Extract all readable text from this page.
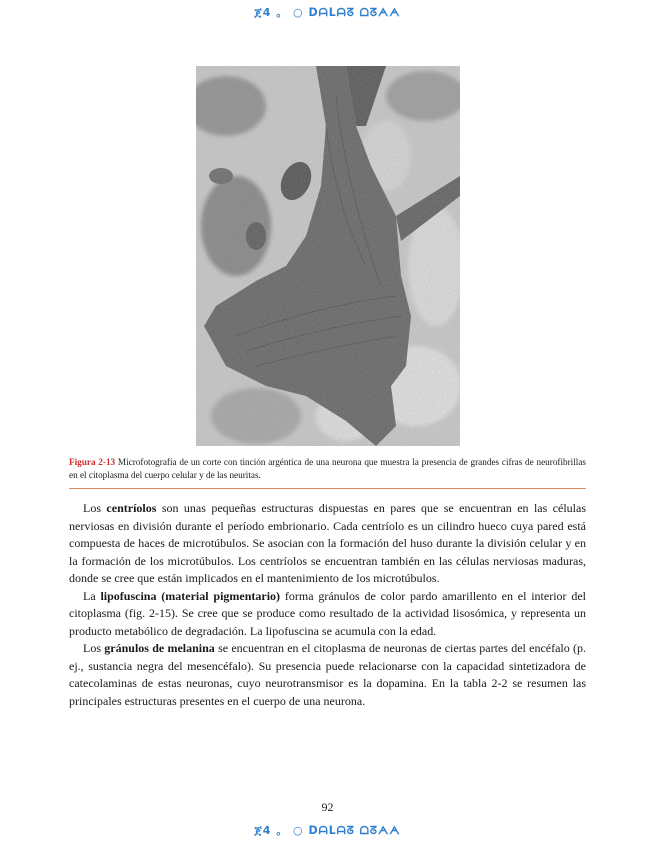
ጀ4 。 ○ ᗞᗩᒪᗩᘔ ᗝᘔᗅᗅ
Figura 2-13 Microfotografía de un corte con tinción argéntica de una neurona que muestra la presencia de grandes cifras de neurofibrillas en el citoplasma del cuerpo celular y de las neuritas.

Los centríolos son unas pequeñas estructuras dispuestas en pares que se encuentran en las células nerviosas en división durante el período embrionario. Cada centríolo es un cilindro hueco cuya pared está compuesta de haces de microtúbulos. Se asocian con la formación del huso durante la división celular y en la formación de los microtúbulos. Los centríolos se encuentran también en las células nerviosas maduras, donde se cree que están implicados en el mantenimiento de los microtúbulos.

La lipofuscina (material pigmentario) forma gránulos de color pardo amarillento en el interior del citoplasma (fig. 2-15). Se cree que se produce como resultado de la actividad lisosómica, y representa un producto metabólico de degradación. La lipofuscina se acumula con la edad.

Los gránulos de melanina se encuentran en el citoplasma de neuronas de ciertas partes del encéfalo (p. ej., sustancia negra del mesencéfalo). Su presencia puede relacionarse con la capacidad sintetizadora de catecolaminas de estas neuronas, cuyo neurotransmisor es la dopamina. En la tabla 2-2 se resumen las principales estructuras presentes en el cuerpo de una neurona.

92
ጀ4 。 ○ ᗞᗩᒪᗩᘔ ᗝᘔᗅᗅ
